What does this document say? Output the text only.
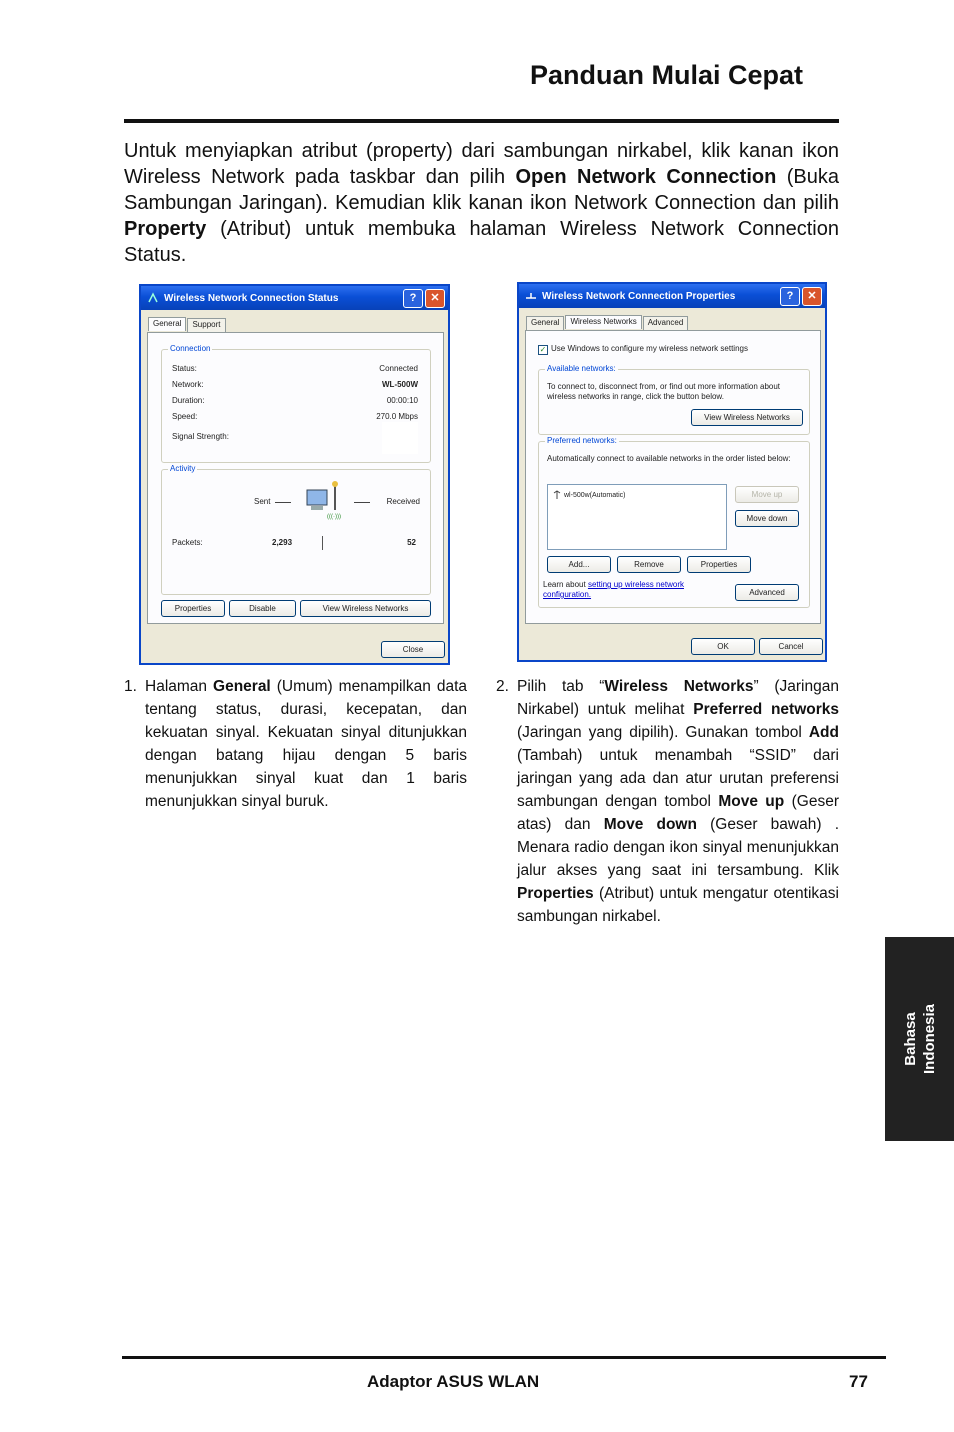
Panduan Mulai Cepat
Untuk menyiapkan atribut (property) dari sambungan nirkabel, klik kanan ikon Wireless Network pada taskbar dan pilih Open Network Connection (Buka Sambungan Jaringan). Kemudian klik kanan ikon Network Connection dan pilih Property (Atribut) untuk membuka halaman Wireless Network Connection Status.
Wireless Network Connection Status	?	✕
General	Support
Connection
Status:	Connected
Network:	WL-500W
Duration:	00:00:10
Speed:	270.0 Mbps
Signal Strength:
Activity
Sent
(((·)))
Received
Packets:	2,293	52
Properties	Disable	View Wireless Networks
Close
Wireless Network Connection Properties	?	✕
General	Wireless Networks	Advanced
✓ Use Windows to configure my wireless network settings
Available networks:
To connect to, disconnect from, or find out more information about wireless networks in range, click the button below.
View Wireless Networks
Preferred networks:
Automatically connect to available networks in the order listed below:
wl-500w(Automatic)	Move up
Move down
Add...	Remove	Properties
Learn about setting up wireless network configuration.	Advanced
OK	Cancel
1. Halaman General (Umum) menampilkan data tentang status, durasi, kecepatan, dan kekuatan sinyal. Kekuatan sinyal ditunjukkan dengan batang hijau dengan 5 baris menunjukkan sinyal kuat dan 1 baris menunjukkan sinyal buruk.
2. Pilih tab “Wireless Networks” (Jaringan Nirkabel) untuk melihat Preferred networks (Jaringan yang dipilih). Gunakan tombol Add (Tambah) untuk menambah “SSID” dari jaringan yang ada dan atur urutan preferensi sambungan dengan tombol Move up (Geser atas) dan Move down (Geser bawah) . Menara radio dengan ikon sinyal menunjukkan jalur akses yang saat ini tersambung. Klik Properties (Atribut) untuk mengatur otentikasi sambungan nirkabel.
Bahasa Indonesia
Adaptor ASUS WLAN	77
